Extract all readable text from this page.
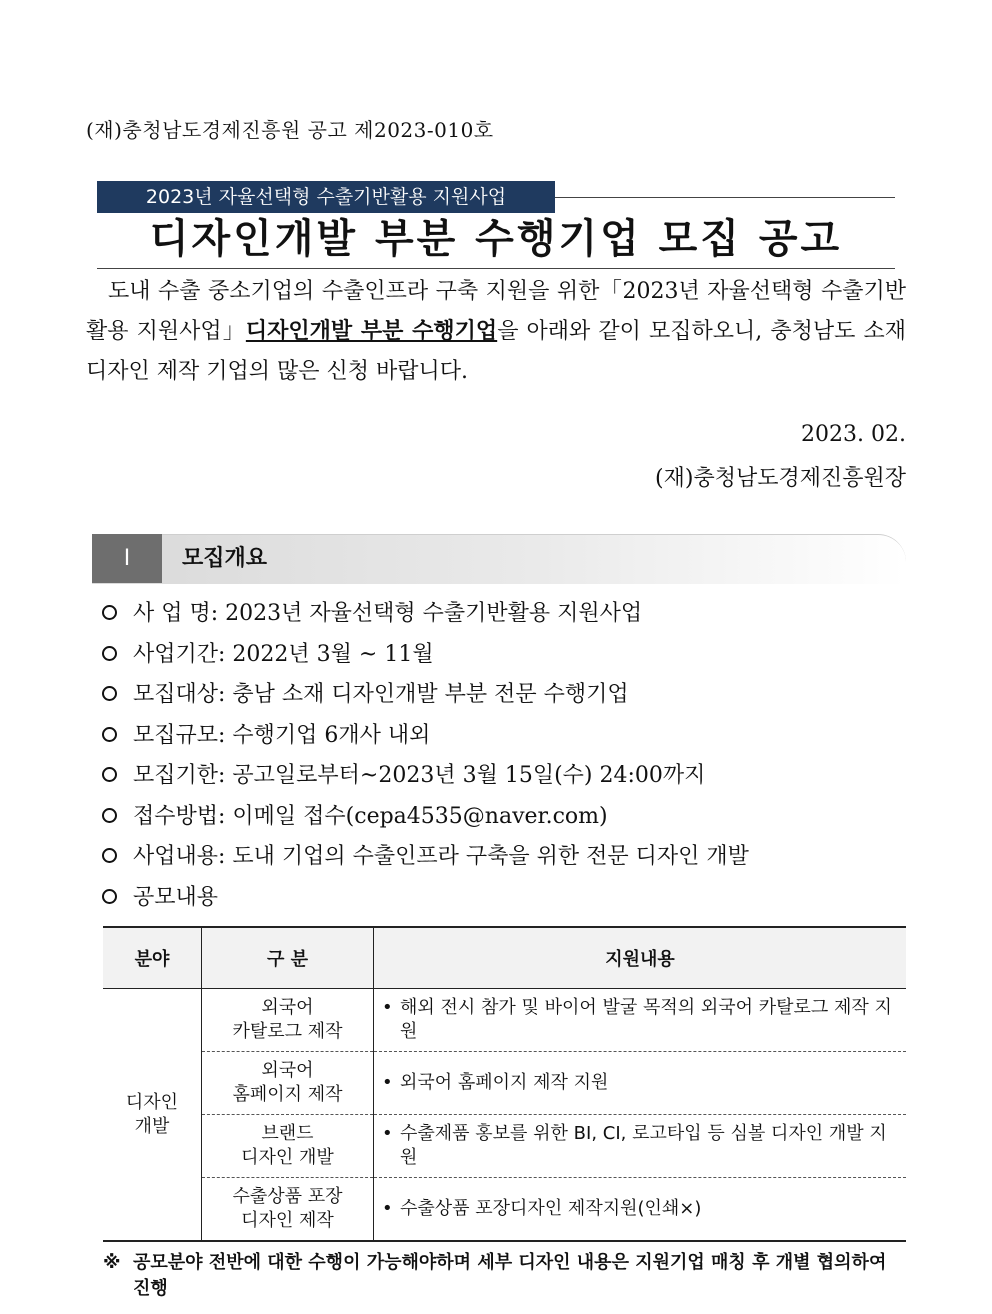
(재)충청남도경제진흥원 공고 제2023-010호
2023년 자율선택형 수출기반활용 지원사업
디자인개발 부분 수행기업 모집 공고

도내 수출 중소기업의 수출인프라 구축 지원을 위한「2023년 자율선택형 수출기반활용 지원사업」디자인개발 부분 수행기업을 아래와 같이 모집하오니, 충청남도 소재 디자인 제작 기업의 많은 신청 바랍니다.

2023. 02.
(재)충청남도경제진흥원장
Ⅰ	모집개요
사 업 명: 2023년 자율선택형 수출기반활용 지원사업
사업기간: 2022년 3월 ~ 11월
모집대상: 충남 소재 디자인개발 부분 전문 수행기업
모집규모: 수행기업 6개사 내외
모집기한: 공고일로부터~2023년 3월 15일(수) 24:00까지
접수방법: 이메일 접수(cepa4535@naver.com)
사업내용: 도내 기업의 수출인프라 구축을 위한 전문 디자인 개발
공모내용
분야	구 분	지원내용
디자인
개발	외국어
카탈로그 제작	• 해외 전시 참가 및 바이어 발굴 목적의 외국어 카탈로그 제작 지원

	외국어
홈페이지 제작	• 외국어 홈페이지 제작 지원

	브랜드
디자인 개발	• 수출제품 홍보를 위한 BI, CI, 로고타입 등 심볼 디자인 개발 지원

	수출상품 포장
디자인 제작	• 수출상품 포장디자인 제작지원(인쇄×)
※ 공모분야 전반에 대한 수행이 가능해야하며 세부 디자인 내용은 지원기업 매칭 후 개별 협의하여 진행
